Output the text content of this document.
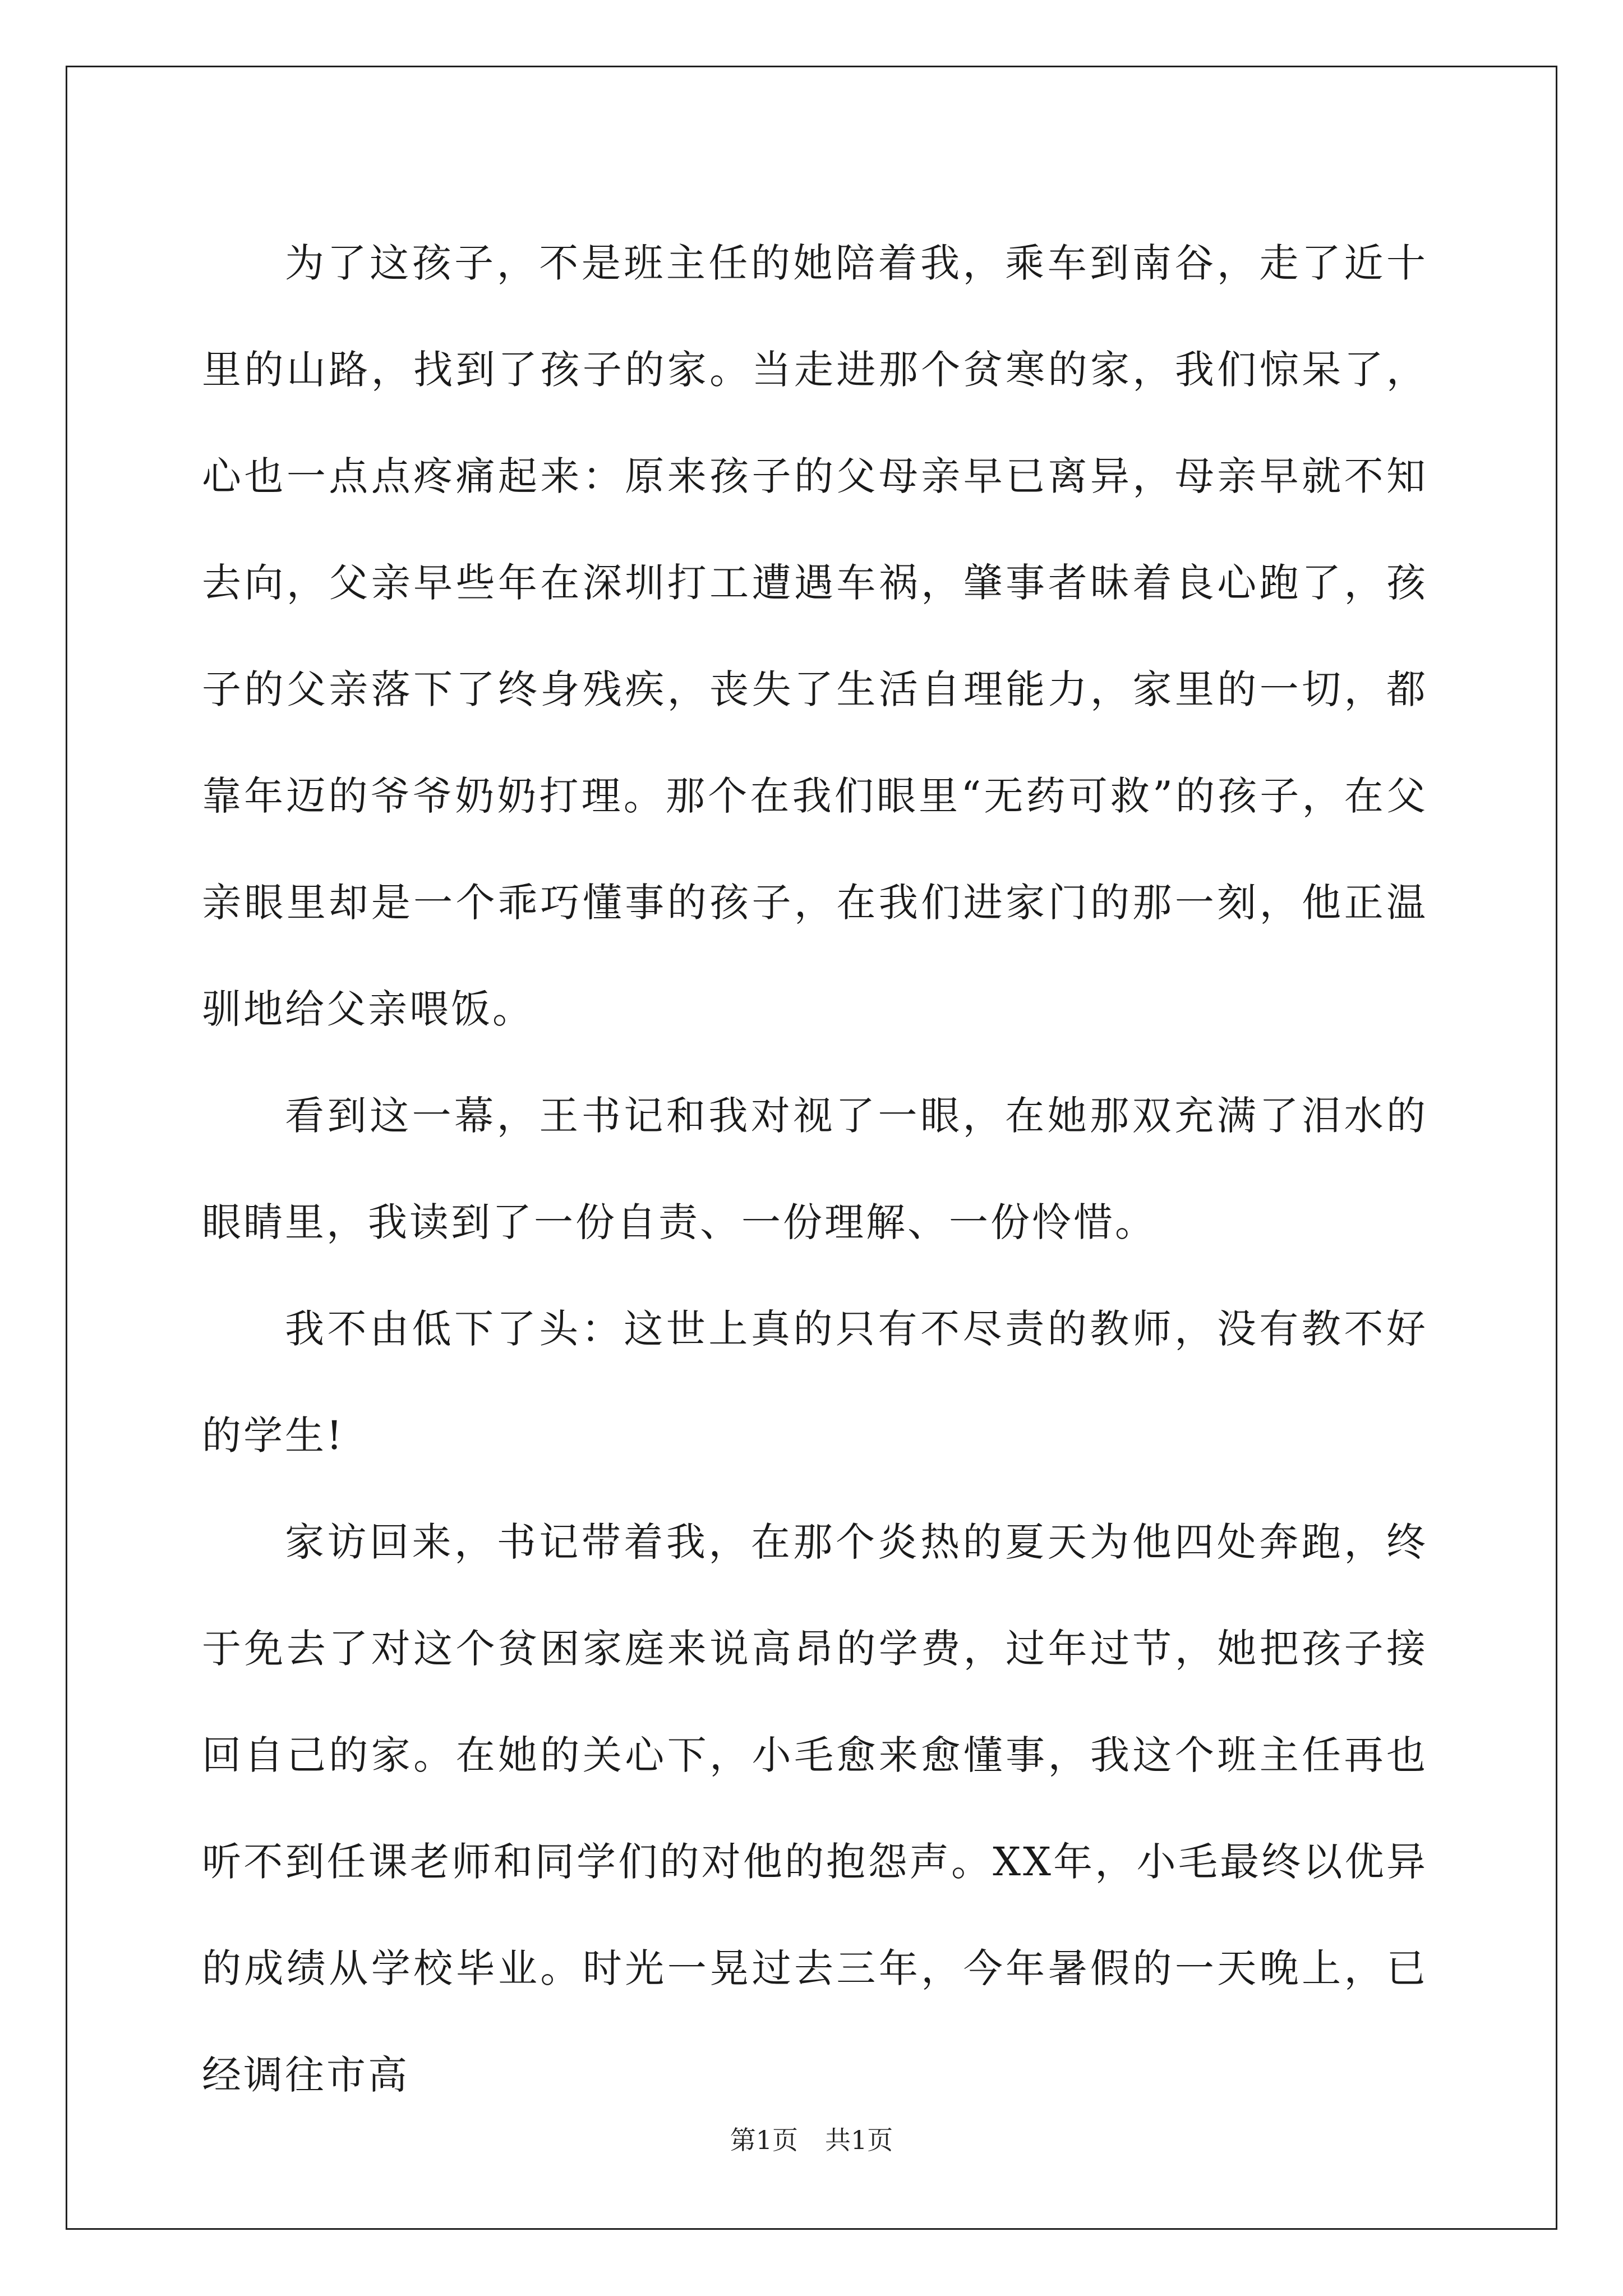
为了这孩子，不是班主任的她陪着我，乘车到南谷，走了近十里的山路，找到了孩子的家。当走进那个贫寒的家，我们惊呆了，心也一点点疼痛起来：原来孩子的父母亲早已离异，母亲早就不知去向，父亲早些年在深圳打工遭遇车祸，肇事者昧着良心跑了，孩子的父亲落下了终身残疾，丧失了生活自理能力，家里的一切，都靠年迈的爷爷奶奶打理。那个在我们眼里“无药可救”的孩子，在父亲眼里却是一个乖巧懂事的孩子，在我们进家门的那一刻，他正温驯地给父亲喂饭。

看到这一幕，王书记和我对视了一眼，在她那双充满了泪水的眼睛里，我读到了一份自责、一份理解、一份怜惜。

我不由低下了头：这世上真的只有不尽责的教师，没有教不好的学生!

家访回来，书记带着我，在那个炎热的夏天为他四处奔跑，终于免去了对这个贫困家庭来说高昂的学费，过年过节，她把孩子接回自己的家。在她的关心下，小毛愈来愈懂事，我这个班主任再也听不到任课老师和同学们的对他的抱怨声。XX年，小毛最终以优异的成绩从学校毕业。时光一晃过去三年，今年暑假的一天晚上，已经调往市高

第1页 共1页
